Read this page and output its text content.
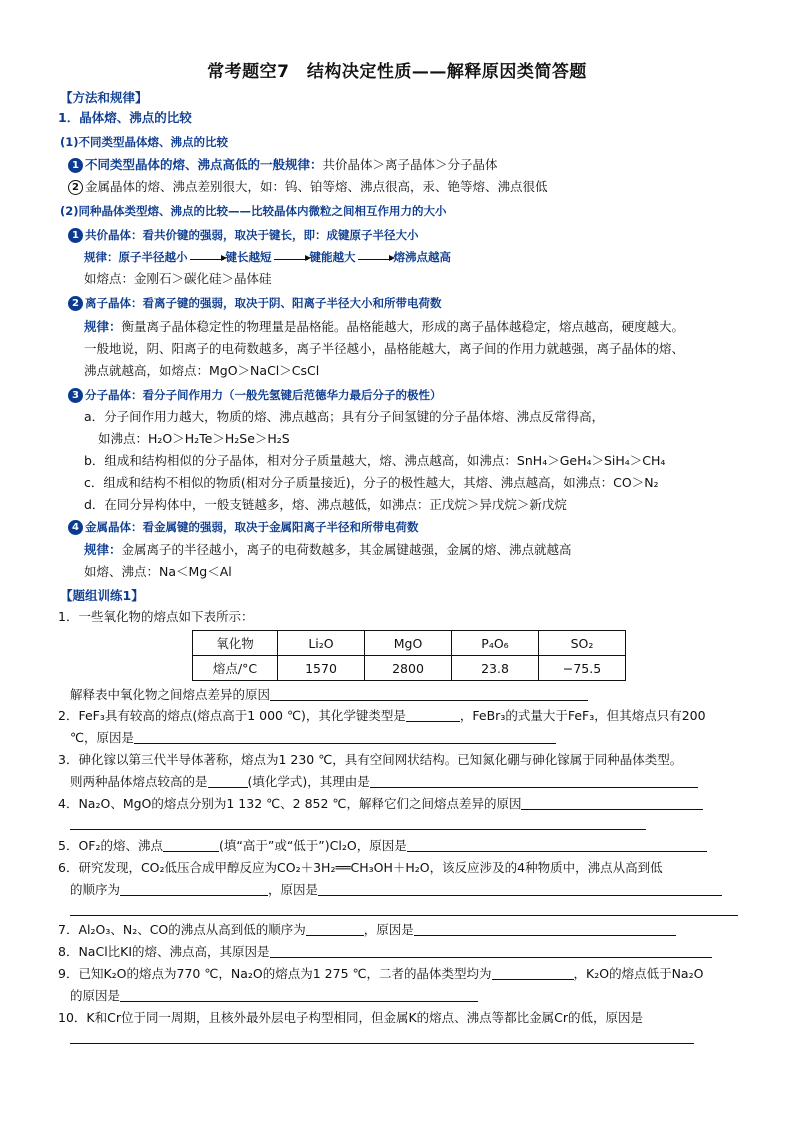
常考题空7　结构决定性质——解释原因类简答题
【方法和规律】
1．晶体熔、沸点的比较
(1)不同类型晶体熔、沸点的比较
1 不同类型晶体的熔、沸点高低的一般规律：共价晶体＞离子晶体＞分子晶体
2 金属晶体的熔、沸点差别很大，如：钨、铂等熔、沸点很高，汞、铯等熔、沸点很低
(2)同种晶体类型熔、沸点的比较——比较晶体内微粒之间相互作用力的大小
1 共价晶体：看共价键的强弱，取决于键长，即：成键原子半径大小
规律：原子半径越小	键长越短	键能越大	熔沸点越高
如熔点：金刚石＞碳化硅＞晶体硅
2 离子晶体：看离子键的强弱，取决于阴、阳离子半径大小和所带电荷数
规律：衡量离子晶体稳定性的物理量是晶格能。晶格能越大，形成的离子晶体越稳定，熔点越高，硬度越大。
一般地说，阴、阳离子的电荷数越多，离子半径越小，晶格能越大，离子间的作用力就越强，离子晶体的熔、
沸点就越高，如熔点：MgO＞NaCl＞CsCl
3 分子晶体：看分子间作用力（一般先氢键后范德华力最后分子的极性）
a．分子间作用力越大，物质的熔、沸点越高；具有分子间氢键的分子晶体熔、沸点反常得高，
如沸点：H₂O＞H₂Te＞H₂Se＞H₂S
b．组成和结构相似的分子晶体，相对分子质量越大，熔、沸点越高，如沸点：SnH₄＞GeH₄＞SiH₄＞CH₄
c．组成和结构不相似的物质(相对分子质量接近)，分子的极性越大，其熔、沸点越高，如沸点：CO＞N₂
d．在同分异构体中，一般支链越多，熔、沸点越低，如沸点：正戊烷＞异戊烷＞新戊烷
4 金属晶体：看金属键的强弱，取决于金属阳离子半径和所带电荷数
规律：金属离子的半径越小，离子的电荷数越多，其金属键越强，金属的熔、沸点就越高
如熔、沸点：Na＜Mg＜Al
【题组训练1】
1．一些氧化物的熔点如下表所示：
氧化物	Li₂O	MgO	P₄O₆	SO₂
熔点/°C	1570	2800	23.8	−75.5
解释表中氧化物之间熔点差异的原因
2．FeF₃具有较高的熔点(熔点高于1 000 ℃)，其化学键类型是	，FeBr₃的式量大于FeF₃，但其熔点只有200
℃，原因是
3．砷化镓以第三代半导体著称，熔点为1 230 ℃，具有空间网状结构。已知氮化硼与砷化镓属于同种晶体类型。
则两种晶体熔点较高的是	(填化学式)，其理由是
4．Na₂O、MgO的熔点分别为1 132 ℃、2 852 ℃，解释它们之间熔点差异的原因
5．OF₂的熔、沸点	(填“高于”或“低于”)Cl₂O，原因是
6．研究发现，CO₂低压合成甲醇反应为CO₂＋3H₂══CH₃OH＋H₂O，该反应涉及的4种物质中，沸点从高到低
的顺序为	，原因是
7．Al₂O₃、N₂、CO的沸点从高到低的顺序为	，原因是
8．NaCl比KI的熔、沸点高，其原因是
9．已知K₂O的熔点为770 ℃，Na₂O的熔点为1 275 ℃，二者的晶体类型均为	，K₂O的熔点低于Na₂O
的原因是
10．K和Cr位于同一周期，且核外最外层电子构型相同，但金属K的熔点、沸点等都比金属Cr的低，原因是
